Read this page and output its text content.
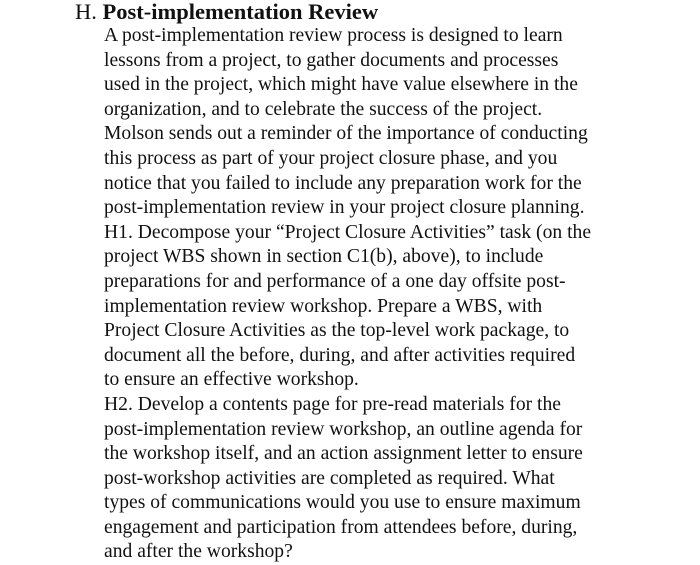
H. Post-implementation Review
A post-implementation review process is designed to learn
lessons from a project, to gather documents and processes
used in the project, which might have value elsewhere in the
organization, and to celebrate the success of the project.
Molson sends out a reminder of the importance of conducting
this process as part of your project closure phase, and you
notice that you failed to include any preparation work for the
post-implementation review in your project closure planning.
H1. Decompose your “Project Closure Activities” task (on the
project WBS shown in section C1(b), above), to include
preparations for and performance of a one day offsite post-
implementation review workshop. Prepare a WBS, with
Project Closure Activities as the top-level work package, to
document all the before, during, and after activities required
to ensure an effective workshop.
H2. Develop a contents page for pre-read materials for the
post-implementation review workshop, an outline agenda for
the workshop itself, and an action assignment letter to ensure
post-workshop activities are completed as required. What
types of communications would you use to ensure maximum
engagement and participation from attendees before, during,
and after the workshop?
